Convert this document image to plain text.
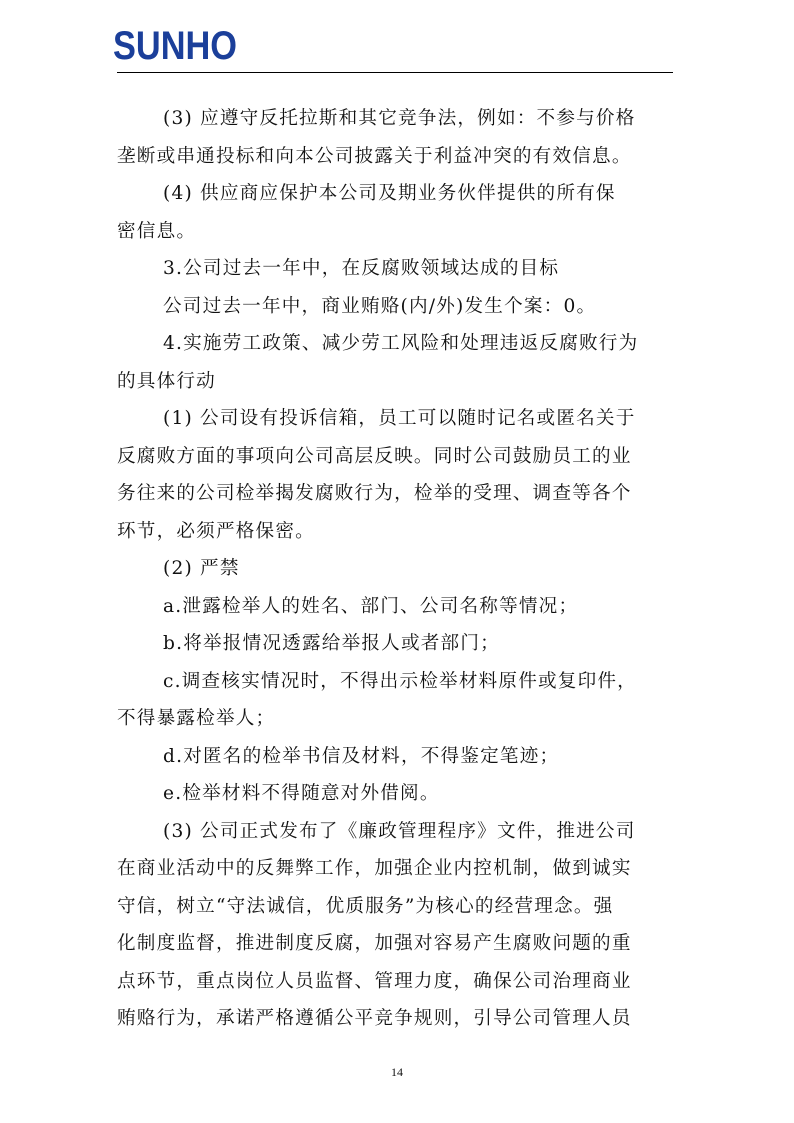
SUNHO
(3) 应遵守反托拉斯和其它竞争法，例如：不参与价格
垄断或串通投标和向本公司披露关于利益冲突的有效信息。
(4) 供应商应保护本公司及期业务伙伴提供的所有保
密信息。
3.公司过去一年中，在反腐败领域达成的目标
公司过去一年中，商业贿赂(内/外)发生个案：0。
4.实施劳工政策、减少劳工风险和处理违返反腐败行为
的具体行动
(1) 公司设有投诉信箱，员工可以随时记名或匿名关于
反腐败方面的事项向公司高层反映。同时公司鼓励员工的业
务往来的公司检举揭发腐败行为，检举的受理、调查等各个
环节，必须严格保密。
(2) 严禁
a.泄露检举人的姓名、部门、公司名称等情况；
b.将举报情况透露给举报人或者部门；
c.调查核实情况时，不得出示检举材料原件或复印件，
不得暴露检举人；
d.对匿名的检举书信及材料，不得鉴定笔迹；
e.检举材料不得随意对外借阅。
(3) 公司正式发布了《廉政管理程序》文件，推进公司
在商业活动中的反舞弊工作，加强企业内控机制，做到诚实
守信，树立“守法诚信，优质服务”为核心的经营理念。强
化制度监督，推进制度反腐，加强对容易产生腐败问题的重
点环节，重点岗位人员监督、管理力度，确保公司治理商业
贿赂行为，承诺严格遵循公平竞争规则，引导公司管理人员
14
